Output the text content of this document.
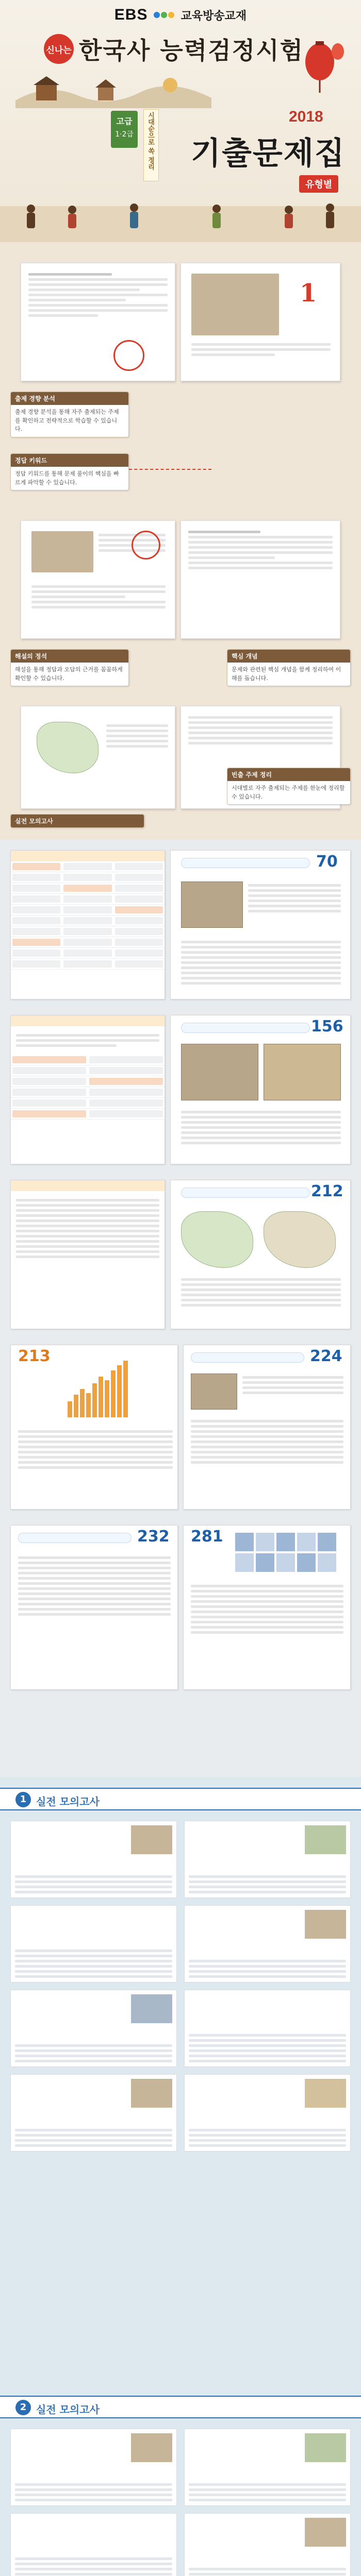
EBS	교육방송교재
신나는 한국사 능력검정시험
고급
1·2급	시대순으로 쏙 정리	2018
기출문제집
유형별
1
출제 경향 분석
출제 경향 분석을 통해 자주 출제되는 주제를 확인하고 전략적으로 학습할 수 있습니다.
정답 키워드
정답 키워드를 통해 문제 풀이의 핵심을 빠르게 파악할 수 있습니다.
해설의 정석
해설을 통해 정답과 오답의 근거를 꼼꼼하게 확인할 수 있습니다.
핵심 개념
문제와 관련된 핵심 개념을 함께 정리하여 이해를 돕습니다.
빈출 주제 정리
시대별로 자주 출제되는 주제를 한눈에 정리할 수 있습니다.
실전 모의고사

70

156

212
213	224
232 281
1 실전 모의고사
2 실전 모의고사
